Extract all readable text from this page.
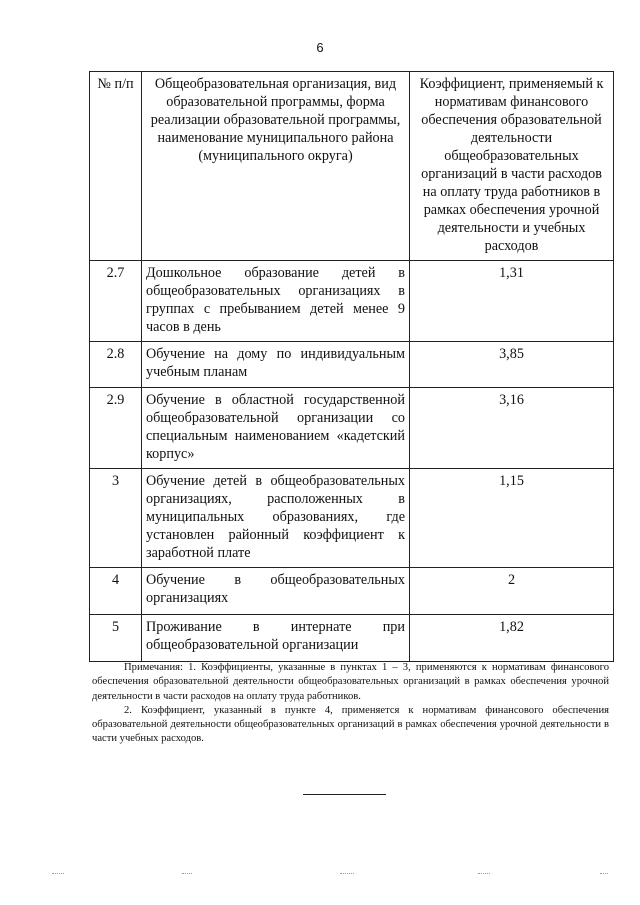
6
№ п/п	Общеобразовательная организация, вид образовательной программы, форма реализации образовательной программы, наименование муниципального района (муниципального округа)	Коэффициент, применяемый к нормативам финансового обеспечения образовательной деятельности общеобразовательных организаций в части расходов на оплату труда работников в рамках обеспечения урочной деятельности и учебных расходов
2.7	Дошкольное образование детей в общеобразовательных организациях в группах с пребыванием детей менее 9 часов в день	1,31
2.8	Обучение на дому по индивидуальным учебным планам	3,85
2.9	Обучение в областной государственной общеобразовательной организации со специальным наименованием «кадетский корпус»	3,16
3	Обучение детей в общеобразовательных организациях, расположенных в муниципальных образованиях, где установлен районный коэффициент к заработной плате	1,15
4	Обучение в общеобразовательных организациях	2
5	Проживание в интернате при общеобразовательной организации	1,82

Примечания: 1. Коэффициенты, указанные в пунктах 1 – 3, применяются к нормативам финансового обеспечения образовательной деятельности общеобразовательных организаций в рамках обеспечения урочной деятельности в части расходов на оплату труда работников.

2. Коэффициент, указанный в пункте 4, применяется к нормативам финансового обеспечения образовательной деятельности общеобразовательных организаций в рамках обеспечения урочной деятельности в части учебных расходов.
